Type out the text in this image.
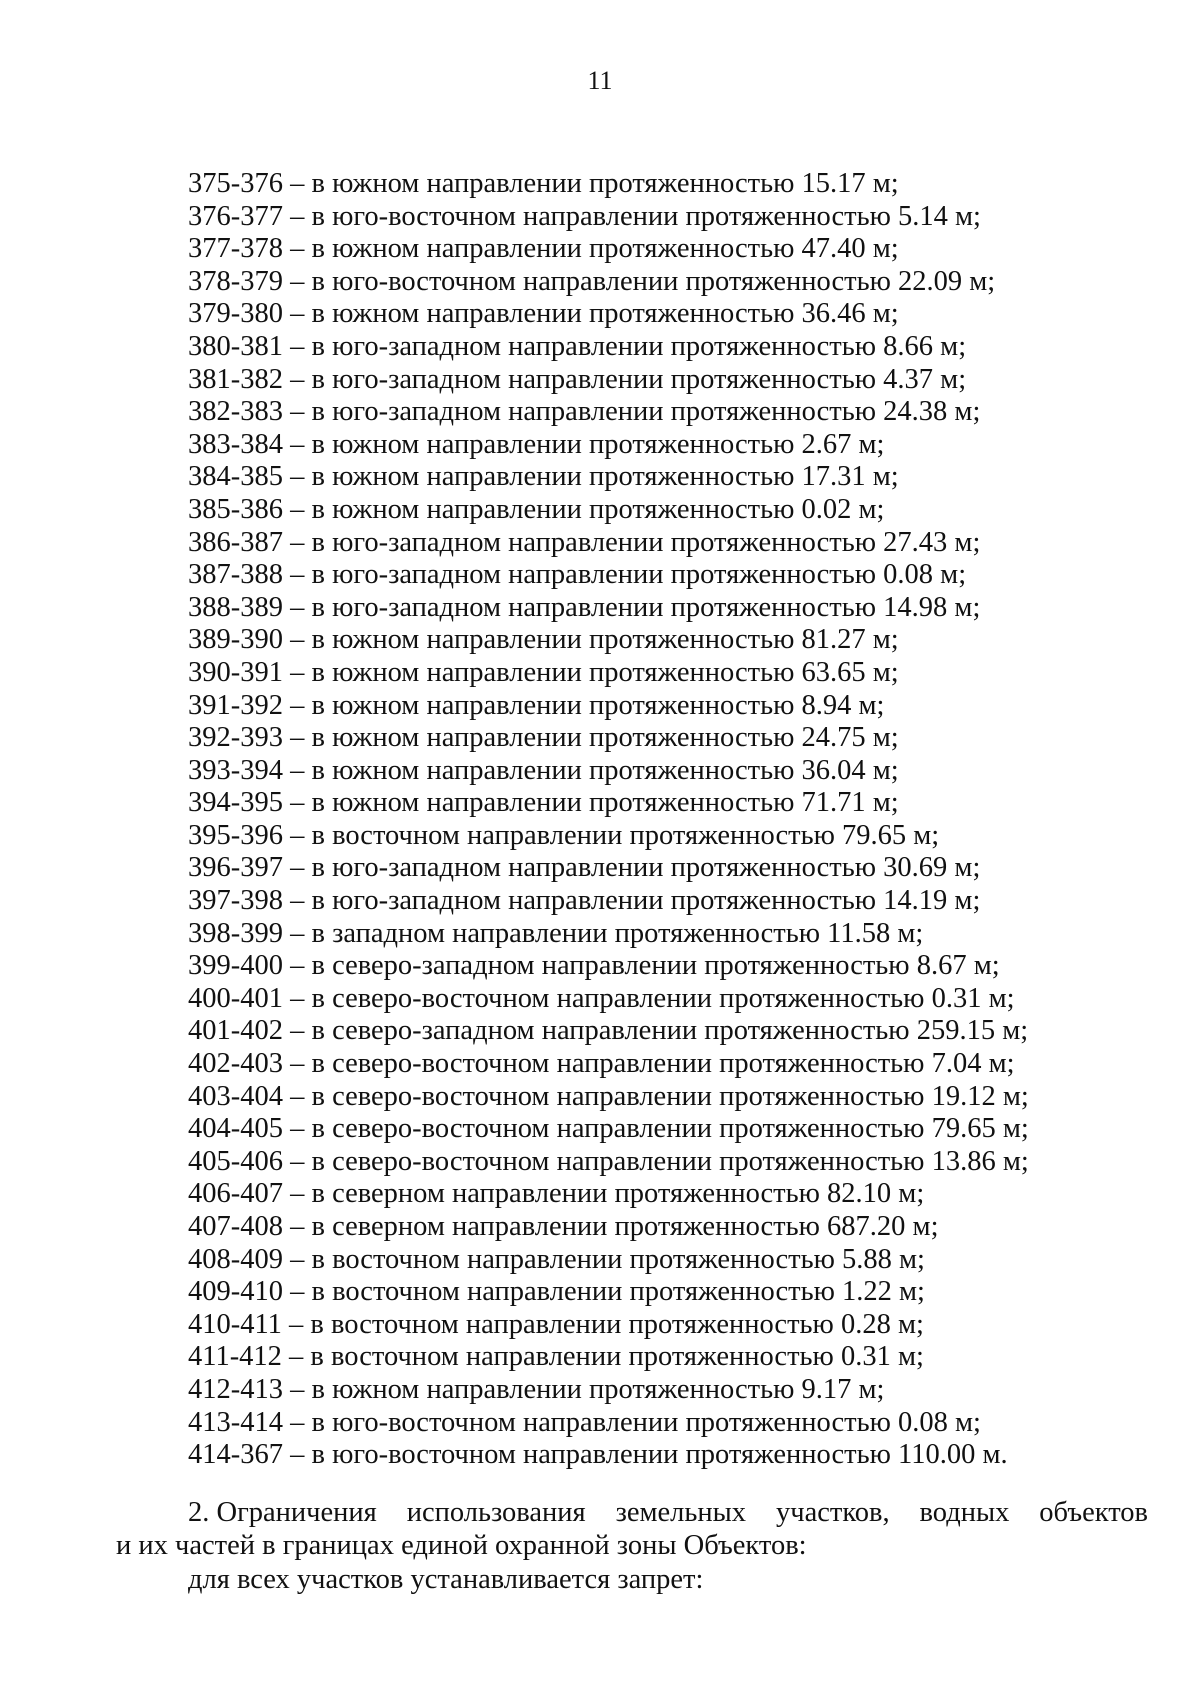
11
375-376 – в южном направлении протяженностью 15.17 м;
376-377 – в юго-восточном направлении протяженностью 5.14 м;
377-378 – в южном направлении протяженностью 47.40 м;
378-379 – в юго-восточном направлении протяженностью 22.09 м;
379-380 – в южном направлении протяженностью 36.46 м;
380-381 – в юго-западном направлении протяженностью 8.66 м;
381-382 – в юго-западном направлении протяженностью 4.37 м;
382-383 – в юго-западном направлении протяженностью 24.38 м;
383-384 – в южном направлении протяженностью 2.67 м;
384-385 – в южном направлении протяженностью 17.31 м;
385-386 – в южном направлении протяженностью 0.02 м;
386-387 – в юго-западном направлении протяженностью 27.43 м;
387-388 – в юго-западном направлении протяженностью 0.08 м;
388-389 – в юго-западном направлении протяженностью 14.98 м;
389-390 – в южном направлении протяженностью 81.27 м;
390-391 – в южном направлении протяженностью 63.65 м;
391-392 – в южном направлении протяженностью 8.94 м;
392-393 – в южном направлении протяженностью 24.75 м;
393-394 – в южном направлении протяженностью 36.04 м;
394-395 – в южном направлении протяженностью 71.71 м;
395-396 – в восточном направлении протяженностью 79.65 м;
396-397 – в юго-западном направлении протяженностью 30.69 м;
397-398 – в юго-западном направлении протяженностью 14.19 м;
398-399 – в западном направлении протяженностью 11.58 м;
399-400 – в северо-западном направлении протяженностью 8.67 м;
400-401 – в северо-восточном направлении протяженностью 0.31 м;
401-402 – в северо-западном направлении протяженностью 259.15 м;
402-403 – в северо-восточном направлении протяженностью 7.04 м;
403-404 – в северо-восточном направлении протяженностью 19.12 м;
404-405 – в северо-восточном направлении протяженностью 79.65 м;
405-406 – в северо-восточном направлении протяженностью 13.86 м;
406-407 – в северном направлении протяженностью 82.10 м;
407-408 – в северном направлении протяженностью 687.20 м;
408-409 – в восточном направлении протяженностью 5.88 м;
409-410 – в восточном направлении протяженностью 1.22 м;
410-411 – в восточном направлении протяженностью 0.28 м;
411-412 – в восточном направлении протяженностью 0.31 м;
412-413 – в южном направлении протяженностью 9.17 м;
413-414 – в юго-восточном направлении протяженностью 0.08 м;
414-367 – в юго-восточном направлении протяженностью 110.00 м.
2. Ограничения использования земельных участков, водных объектов
и их частей в границах единой охранной зоны Объектов:
для всех участков устанавливается запрет:
